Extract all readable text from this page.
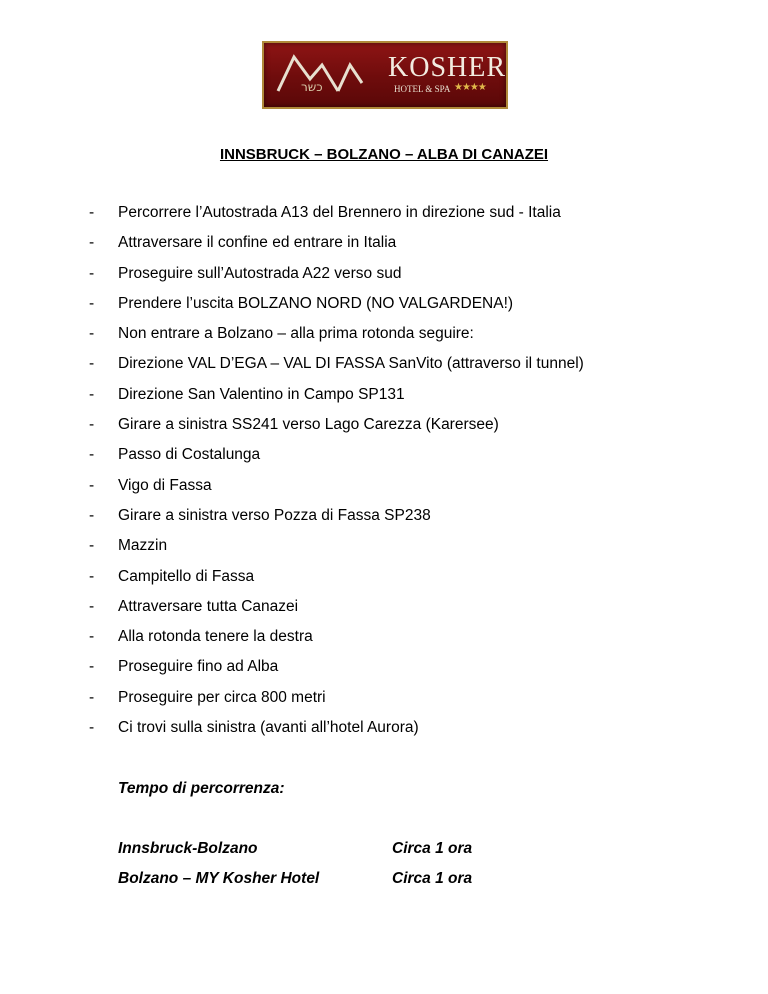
כשר
KOSHER
HOTEL & SPA ★★★★
INNSBRUCK – BOLZANO – ALBA DI CANAZEI
- Percorrere l’Autostrada A13 del Brennero in direzione sud - Italia
- Attraversare il confine ed entrare in Italia
- Proseguire sull’Autostrada A22 verso sud
- Prendere l’uscita BOLZANO NORD (NO VALGARDENA!)
- Non entrare a Bolzano – alla prima rotonda seguire:
- Direzione VAL D’EGA – VAL DI FASSA SanVito (attraverso il tunnel)
- Direzione San Valentino in Campo SP131
- Girare a sinistra SS241 verso Lago Carezza (Karersee)
- Passo di Costalunga
- Vigo di Fassa
- Girare a sinistra verso Pozza di Fassa SP238
- Mazzin
- Campitello di Fassa
- Attraversare tutta Canazei
- Alla rotonda tenere la destra
- Proseguire fino ad Alba
- Proseguire per circa 800 metri
- Ci trovi sulla sinistra (avanti all’hotel Aurora)
Tempo di percorrenza:
Innsbruck-Bolzano	Circa 1 ora
Bolzano – MY Kosher Hotel	Circa 1 ora
